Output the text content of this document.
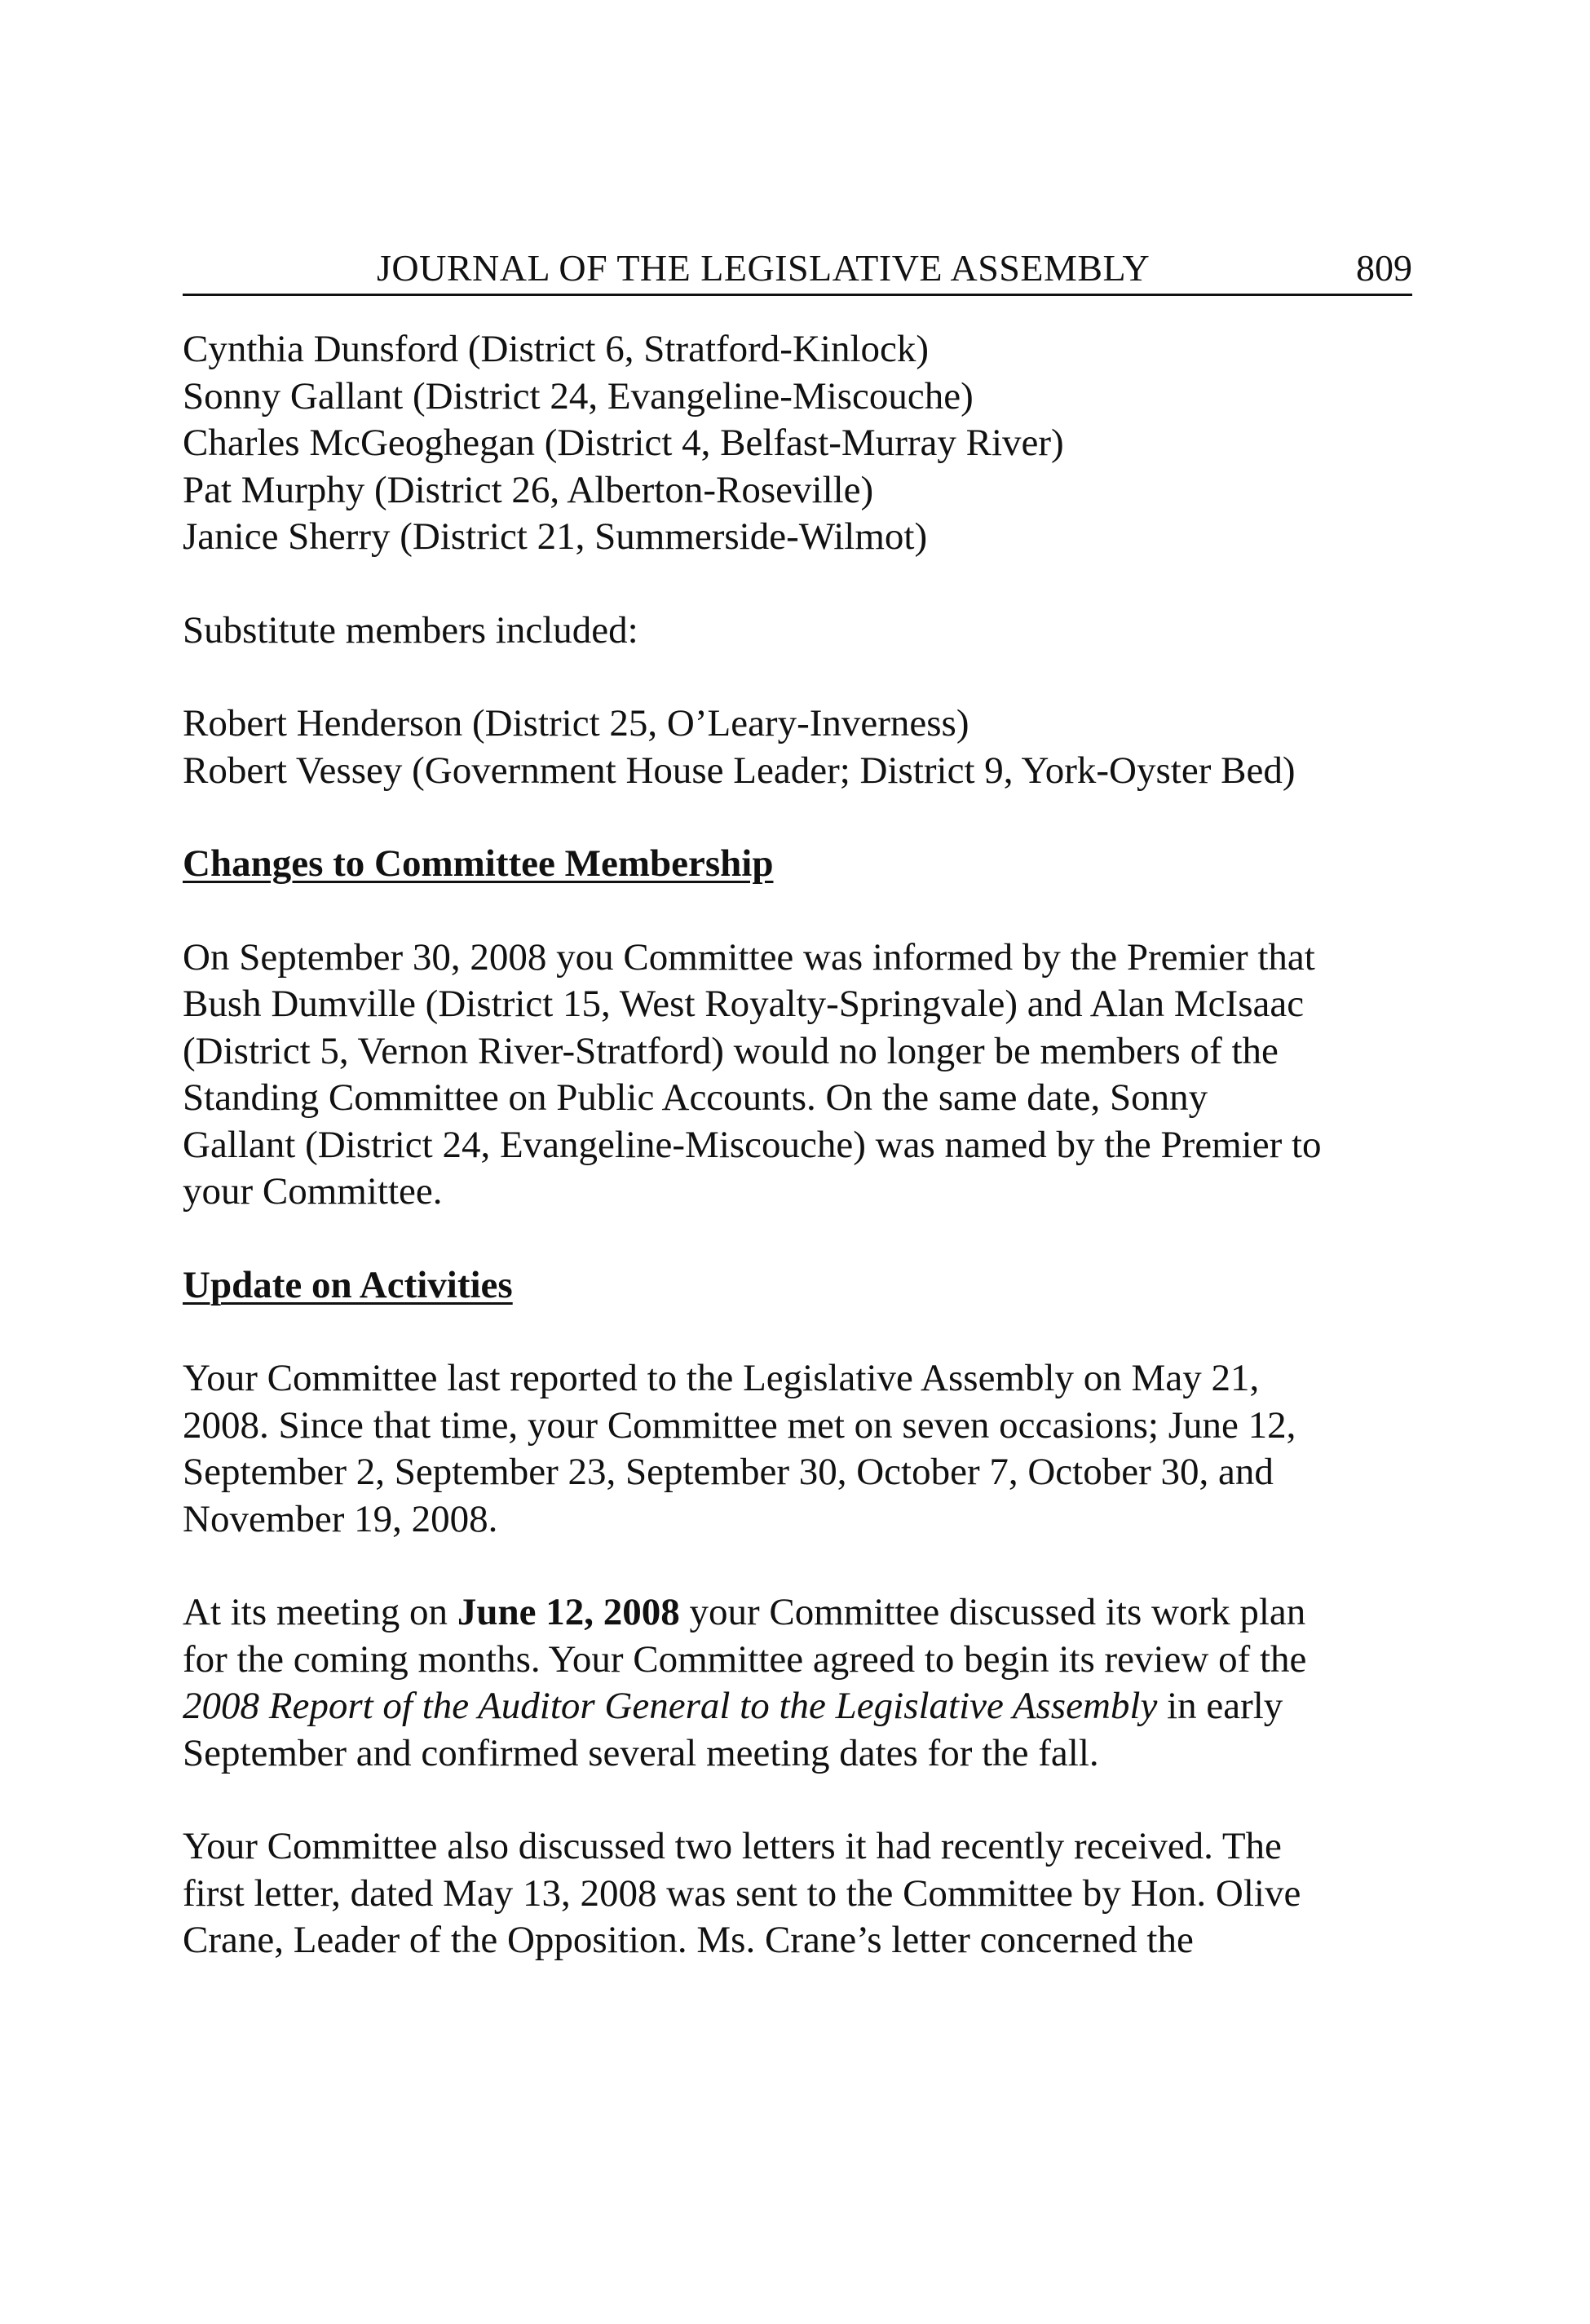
JOURNAL OF THE LEGISLATIVE ASSEMBLY	809
Cynthia Dunsford (District 6, Stratford-Kinlock)
Sonny Gallant (District 24, Evangeline-Miscouche)
Charles McGeoghegan (District 4, Belfast-Murray River)
Pat Murphy (District 26, Alberton-Roseville)
Janice Sherry (District 21, Summerside-Wilmot)
Substitute members included:
Robert Henderson (District 25, O’Leary-Inverness)
Robert Vessey (Government House Leader; District 9, York-Oyster Bed)
Changes to Committee Membership
On September 30, 2008 you Committee was informed by the Premier that
Bush Dumville (District 15, West Royalty-Springvale) and Alan McIsaac
(District 5, Vernon River-Stratford) would no longer be members of the
Standing Committee on Public Accounts. On the same date, Sonny
Gallant (District 24, Evangeline-Miscouche) was named by the Premier to
your Committee.
Update on Activities
Your Committee last reported to the Legislative Assembly on May 21,
2008. Since that time, your Committee met on seven occasions; June 12,
September 2, September 23, September 30, October 7, October 30, and
November 19, 2008.
At its meeting on June 12, 2008 your Committee discussed its work plan
for the coming months. Your Committee agreed to begin its review of the
2008 Report of the Auditor General to the Legislative Assembly in early
September and confirmed several meeting dates for the fall.
Your Committee also discussed two letters it had recently received. The
first letter, dated May 13, 2008 was sent to the Committee by Hon. Olive
Crane, Leader of the Opposition. Ms. Crane’s letter concerned the
